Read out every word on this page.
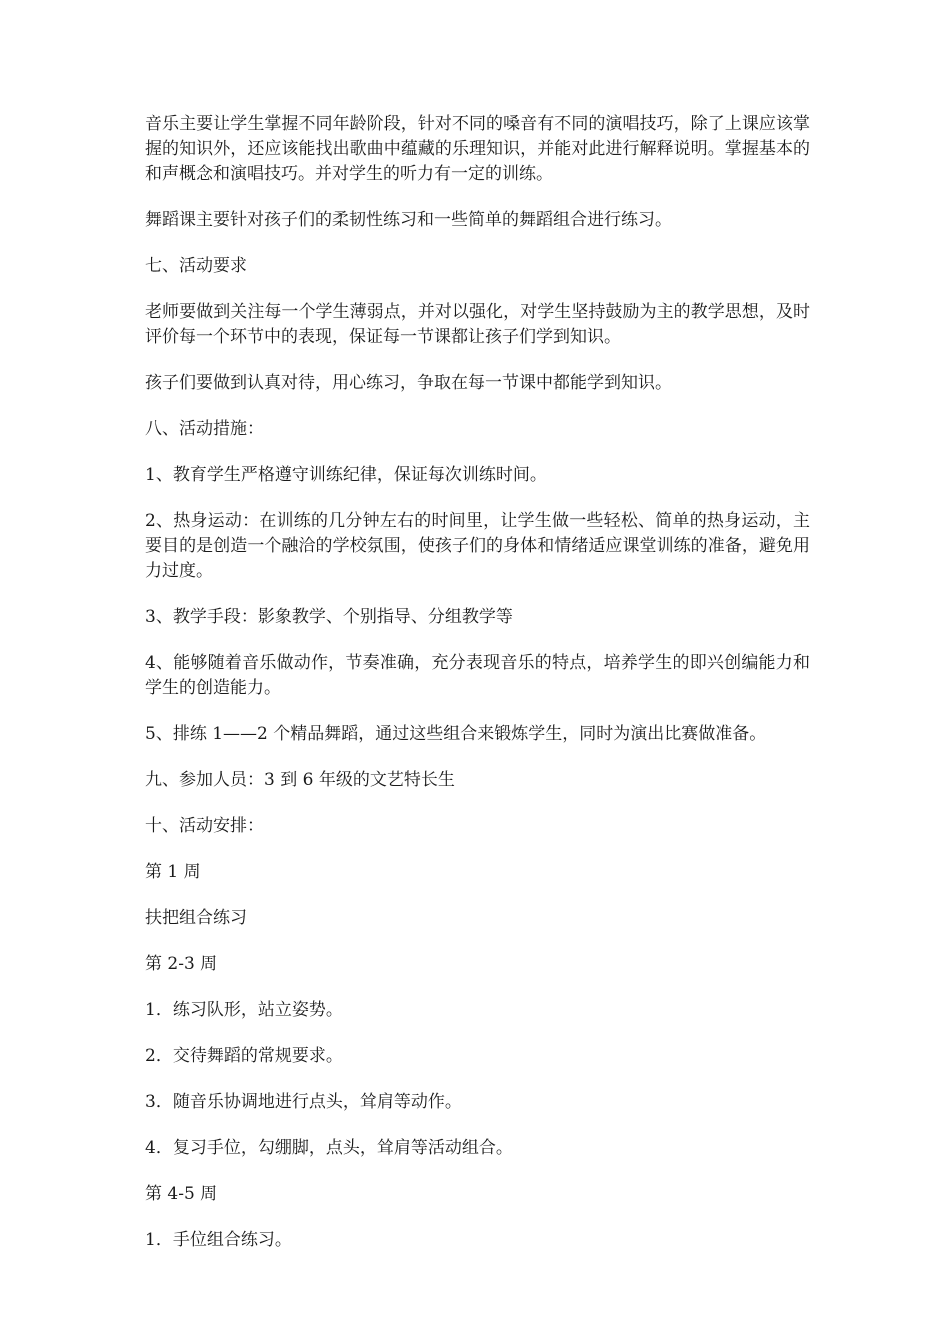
音乐主要让学生掌握不同年龄阶段，针对不同的嗓音有不同的演唱技巧，除了上课应该掌握的知识外，还应该能找出歌曲中蕴藏的乐理知识，并能对此进行解释说明。掌握基本的和声概念和演唱技巧。并对学生的听力有一定的训练。

舞蹈课主要针对孩子们的柔韧性练习和一些简单的舞蹈组合进行练习。

七、活动要求

老师要做到关注每一个学生薄弱点，并对以强化，对学生坚持鼓励为主的教学思想，及时评价每一个环节中的表现，保证每一节课都让孩子们学到知识。

孩子们要做到认真对待，用心练习，争取在每一节课中都能学到知识。

八、活动措施：

1、教育学生严格遵守训练纪律，保证每次训练时间。

2、热身运动：在训练的几分钟左右的时间里，让学生做一些轻松、简单的热身运动，主要目的是创造一个融洽的学校氛围，使孩子们的身体和情绪适应课堂训练的准备，避免用力过度。

3、教学手段：影象教学、个别指导、分组教学等

4、能够随着音乐做动作，节奏准确，充分表现音乐的特点，培养学生的即兴创编能力和学生的创造能力。

5、排练 1——2 个精品舞蹈，通过这些组合来锻炼学生，同时为演出比赛做准备。

九、参加人员：3 到 6 年级的文艺特长生

十、活动安排：

第 1 周

扶把组合练习

第 2-3 周

1．练习队形，站立姿势。

2．交待舞蹈的常规要求。

3．随音乐协调地进行点头，耸肩等动作。

4．复习手位，勾绷脚，点头，耸肩等活动组合。

第 4-5 周

1．手位组合练习。
